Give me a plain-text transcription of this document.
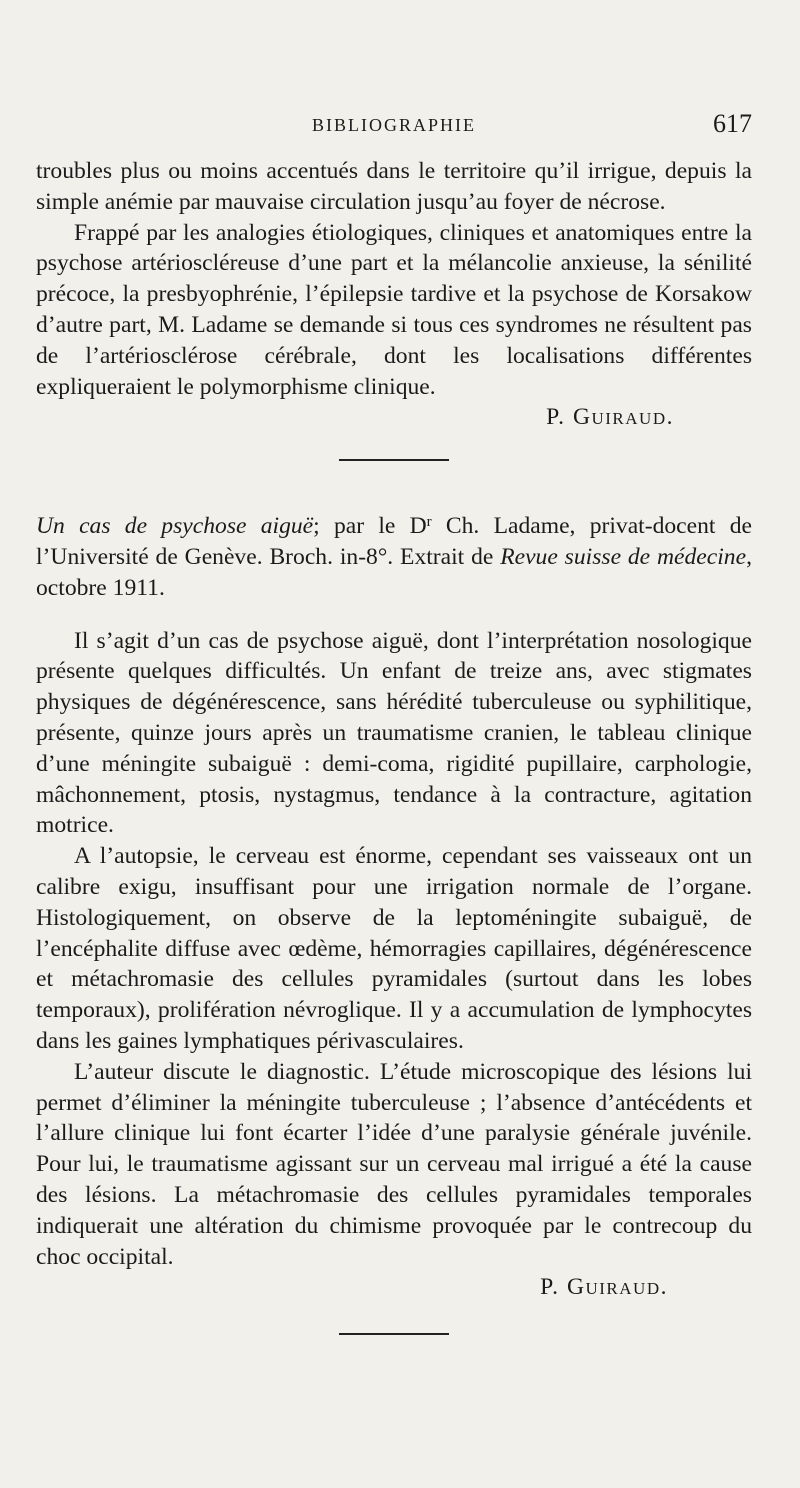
BIBLIOGRAPHIE	617

troubles plus ou moins accentués dans le territoire qu’il irrigue, depuis la simple anémie par mauvaise circulation jusqu’au foyer de nécrose.

Frappé par les analogies étiologiques, cliniques et anatomiques entre la psychose artérioscléreuse d’une part et la mélancolie anxieuse, la sénilité précoce, la presbyophrénie, l’épilepsie tardive et la psychose de Korsakow d’autre part, M. Ladame se demande si tous ces syndromes ne résultent pas de l’artériosclérose cérébrale, dont les localisations différentes expliqueraient le polymorphisme clinique.

P. Guiraud.

Un cas de psychose aiguë; par le $D^r$ Ch. Ladame, privat-docent de l’Université de Genève. Broch. in-8°. Extrait de Revue suisse de médecine, octobre 1911.

Il s’agit d’un cas de psychose aiguë, dont l’interprétation nosologique présente quelques difficultés. Un enfant de treize ans, avec stigmates physiques de dégénérescence, sans hérédité tuberculeuse ou syphilitique, présente, quinze jours après un traumatisme cranien, le tableau clinique d’une méningite subaiguë : demi-coma, rigidité pupillaire, carphologie, mâchonnement, ptosis, nystagmus, tendance à la contracture, agitation motrice.

A l’autopsie, le cerveau est énorme, cependant ses vaisseaux ont un calibre exigu, insuffisant pour une irrigation normale de l’organe. Histologiquement, on observe de la leptoméningite subaiguë, de l’encéphalite diffuse avec œdème, hémorragies capillaires, dégénérescence et métachromasie des cellules pyramidales (surtout dans les lobes temporaux), prolifération névroglique. Il y a accumulation de lymphocytes dans les gaines lymphatiques périvasculaires.

L’auteur discute le diagnostic. L’étude microscopique des lésions lui permet d’éliminer la méningite tuberculeuse ; l’absence d’antécédents et l’allure clinique lui font écarter l’idée d’une paralysie générale juvénile. Pour lui, le traumatisme agissant sur un cerveau mal irrigué a été la cause des lésions. La métachromasie des cellules pyramidales temporales indiquerait une altération du chimisme provoquée par le contrecoup du choc occipital.

P. Guiraud.
